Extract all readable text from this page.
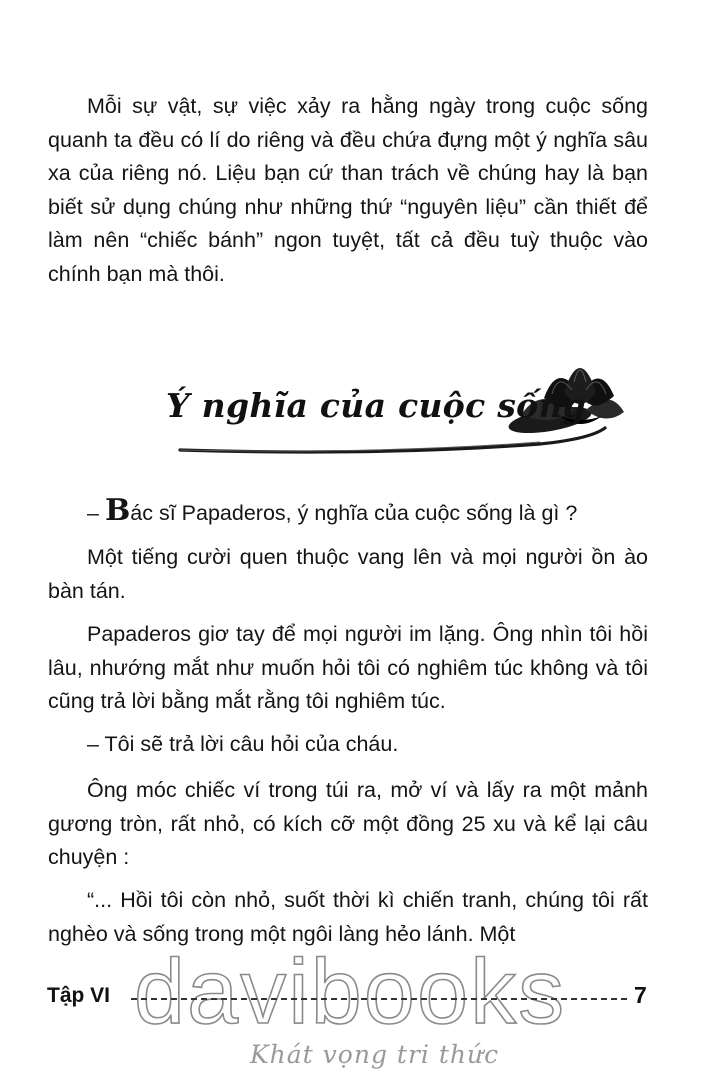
Mỗi sự vật, sự việc xảy ra hằng ngày trong cuộc sống quanh ta đều có lí do riêng và đều chứa đựng một ý nghĩa sâu xa của riêng nó. Liệu bạn cứ than trách về chúng hay là bạn biết sử dụng chúng như những thứ “nguyên liệu” cần thiết để làm nên “chiếc bánh” ngon tuyệt, tất cả đều tuỳ thuộc vào chính bạn mà thôi.

Ý nghĩa của cuộc sống

– Bác sĩ Papaderos, ý nghĩa của cuộc sống là gì ?

Một tiếng cười quen thuộc vang lên và mọi người ồn ào bàn tán.

Papaderos giơ tay để mọi người im lặng. Ông nhìn tôi hồi lâu, nhướng mắt như muốn hỏi tôi có nghiêm túc không và tôi cũng trả lời bằng mắt rằng tôi nghiêm túc.

– Tôi sẽ trả lời câu hỏi của cháu.

Ông móc chiếc ví trong túi ra, mở ví và lấy ra một mảnh gương tròn, rất nhỏ, có kích cỡ một đồng 25 xu và kể lại câu chuyện :

“... Hồi tôi còn nhỏ, suốt thời kì chiến tranh, chúng tôi rất nghèo và sống trong một ngôi làng hẻo lánh. Một

davibooks
Tập VI	7
Khát vọng tri thức
